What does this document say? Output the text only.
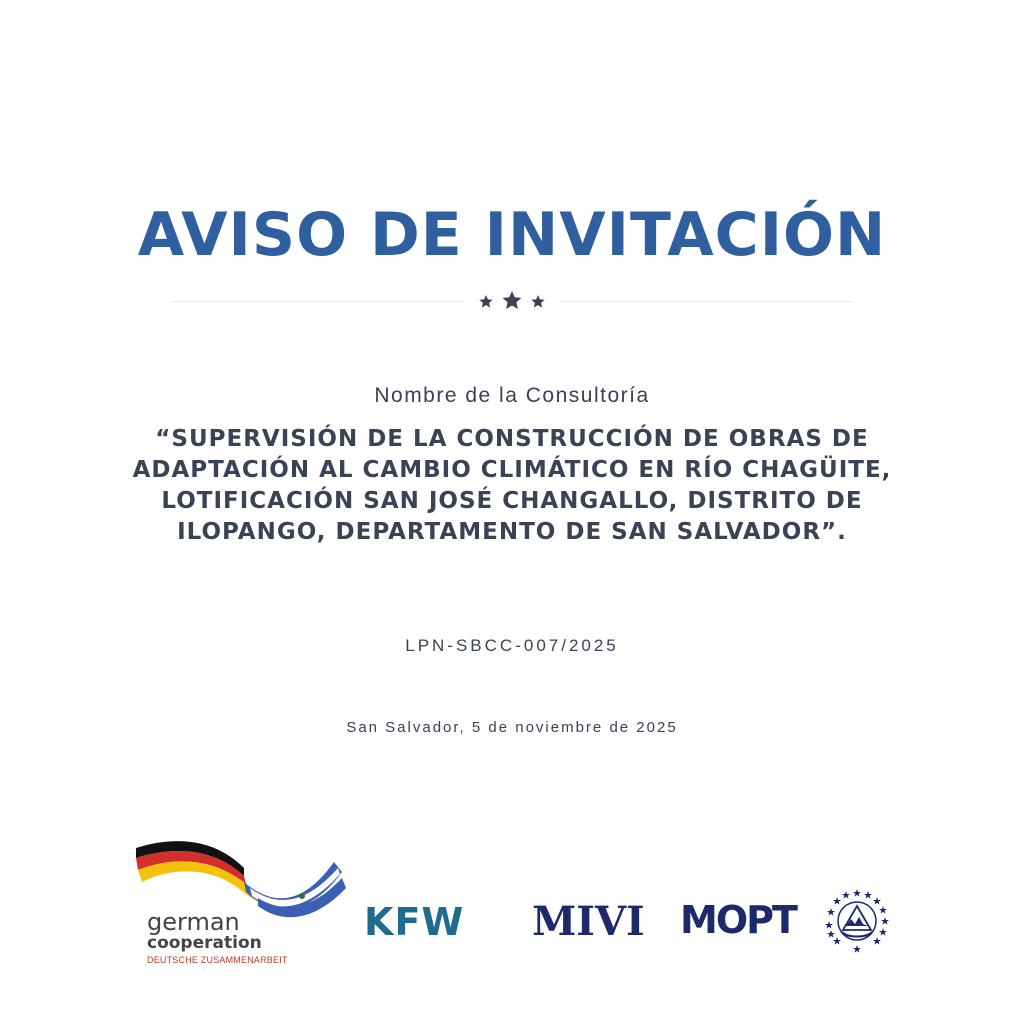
AVISO DE INVITACIÓN
Nombre de la Consultoría
“SUPERVISIÓN DE LA CONSTRUCCIÓN DE OBRAS DE
ADAPTACIÓN AL CAMBIO CLIMÁTICO EN RÍO CHAGÜITE,
LOTIFICACIÓN SAN JOSÉ CHANGALLO, DISTRITO DE
ILOPANGO, DEPARTAMENTO DE SAN SALVADOR”.
LPN-SBCC-007/2025
San Salvador, 5 de noviembre de 2025
german
cooperation
DEUTSCHE ZUSAMMENARBEIT
KFW MIVI MOPT
